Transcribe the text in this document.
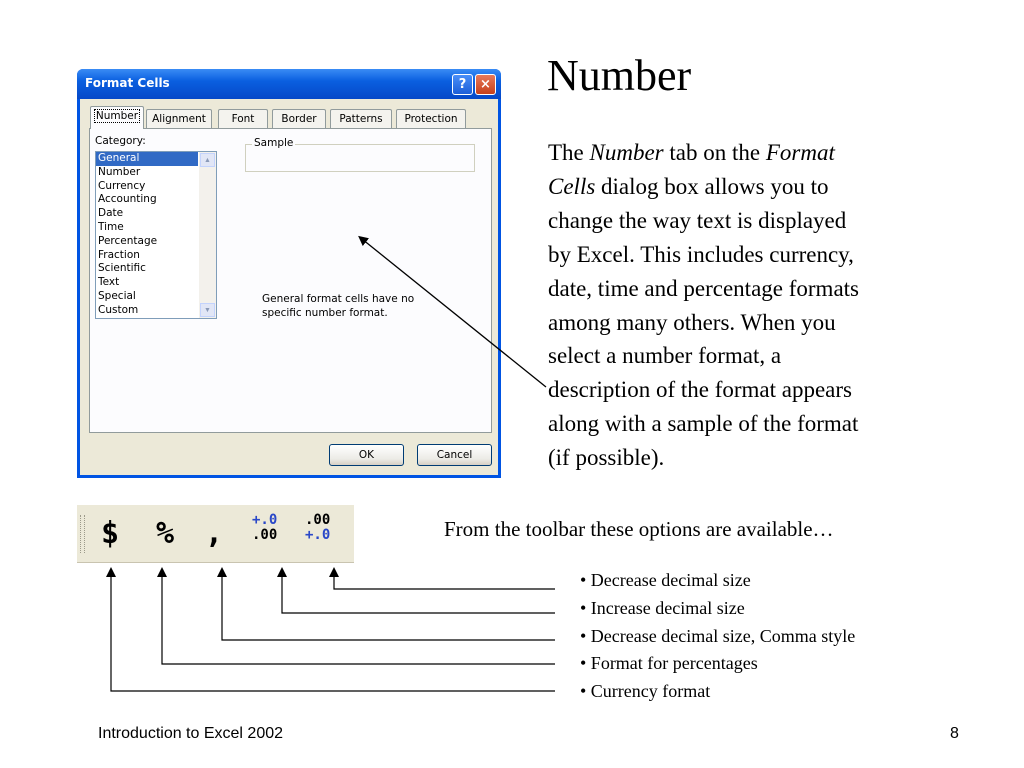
Format Cells	?	×
Number	Alignment	Font	Border	Patterns	Protection
Category:
General
Number
Currency
Accounting
Date
Time
Percentage
Fraction
Scientific
Text
Special
Custom
▲
▼
Sample
General format cells have no
specific number format.
OK	Cancel
Number
The Number tab on the Format
Cells dialog box allows you to
change the way text is displayed
by Excel. This includes currency,
date, time and percentage formats
among many others. When you
select a number format, a
description of the format appears
along with a sample of the format
(if possible).
$ % ,	+.0
.00
.00
+.0	From the toolbar these options are available…
• Decrease decimal size
• Increase decimal size
• Decrease decimal size, Comma style
• Format for percentages
• Currency format
Introduction to Excel 2002	8
